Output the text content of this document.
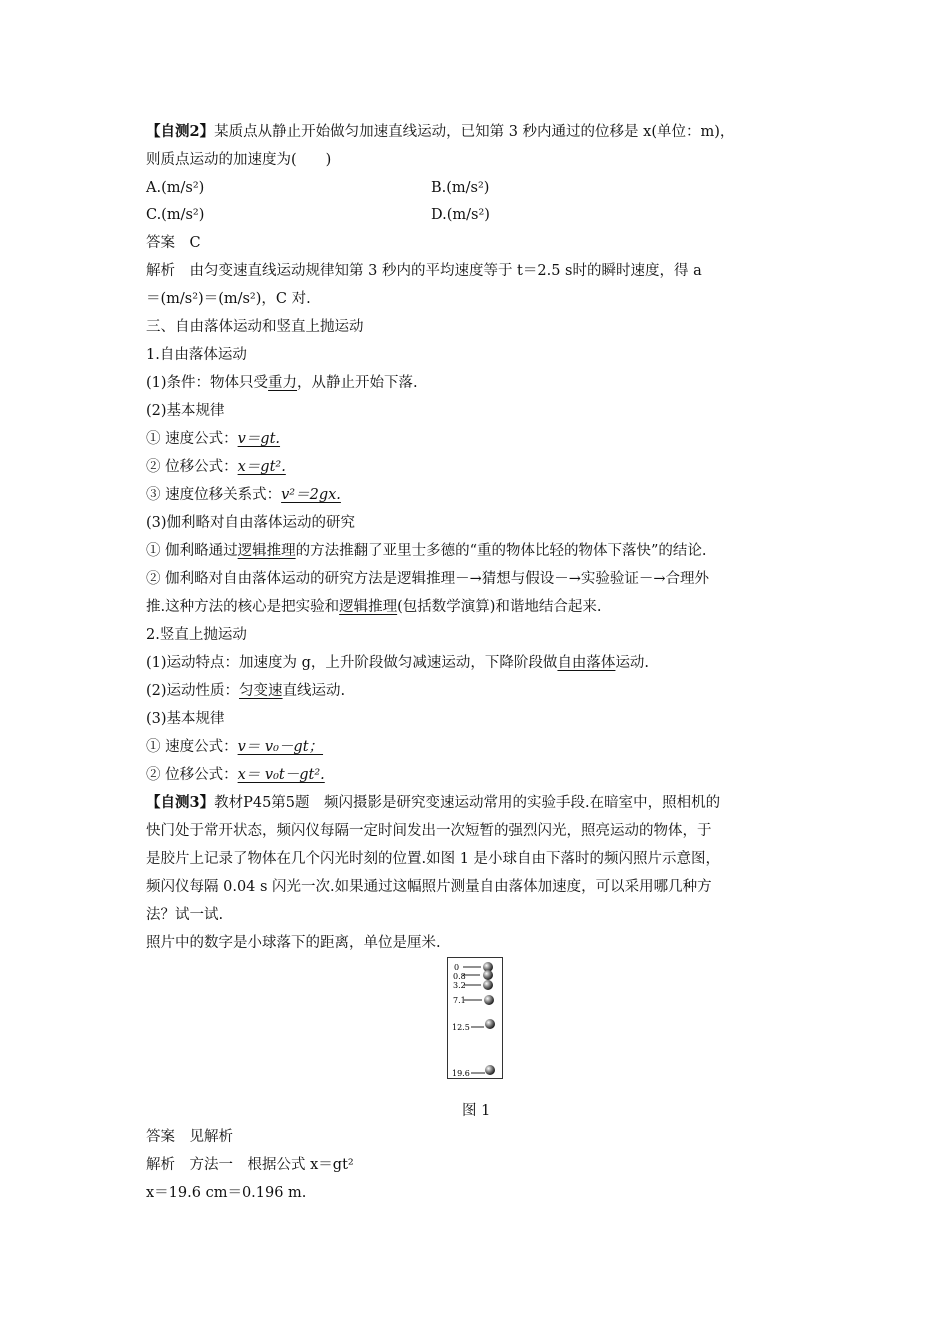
【自测2】某质点从静止开始做匀加速直线运动，已知第 3 秒内通过的位移是 x(单位：m)，
则质点运动的加速度为(　　)
A.(m/s²)	B.(m/s²)
C.(m/s²)	D.(m/s²)
答案　C
解析　由匀变速直线运动规律知第 3 秒内的平均速度等于 t＝2.5 s时的瞬时速度，得 a
＝(m/s²)＝(m/s²)，C 对.
三、自由落体运动和竖直上抛运动
1.自由落体运动
(1)条件：物体只受重力，从静止开始下落.
(2)基本规律
① 速度公式：v＝gt.
② 位移公式：x＝gt².
③ 速度位移关系式：v²＝2gx.
(3)伽利略对自由落体运动的研究
① 伽利略通过逻辑推理的方法推翻了亚里士多德的“重的物体比轻的物体下落快”的结论.
② 伽利略对自由落体运动的研究方法是逻辑推理－→猜想与假设－→实验验证－→合理外
推.这种方法的核心是把实验和逻辑推理(包括数学演算)和谐地结合起来.
2.竖直上抛运动
(1)运动特点：加速度为 g，上升阶段做匀减速运动，下降阶段做自由落体运动.
(2)运动性质：匀变速直线运动.
(3)基本规律
① 速度公式：v＝ v₀－gt；
② 位移公式：x＝ v₀t－gt².
【自测3】教材P45第5题　频闪摄影是研究变速运动常用的实验手段.在暗室中，照相机的
快门处于常开状态，频闪仪每隔一定时间发出一次短暂的强烈闪光，照亮运动的物体，于
是胶片上记录了物体在几个闪光时刻的位置.如图 1 是小球自由下落时的频闪照片示意图，
频闪仪每隔 0.04 s 闪光一次.如果通过这幅照片测量自由落体加速度，可以采用哪几种方
法？试一试.
照片中的数字是小球落下的距离，单位是厘米.
0
0.8
3.2
7.1
12.5
19.6
图 1
答案　见解析
解析　方法一　根据公式 x＝gt²
x＝19.6 cm＝0.196 m.
